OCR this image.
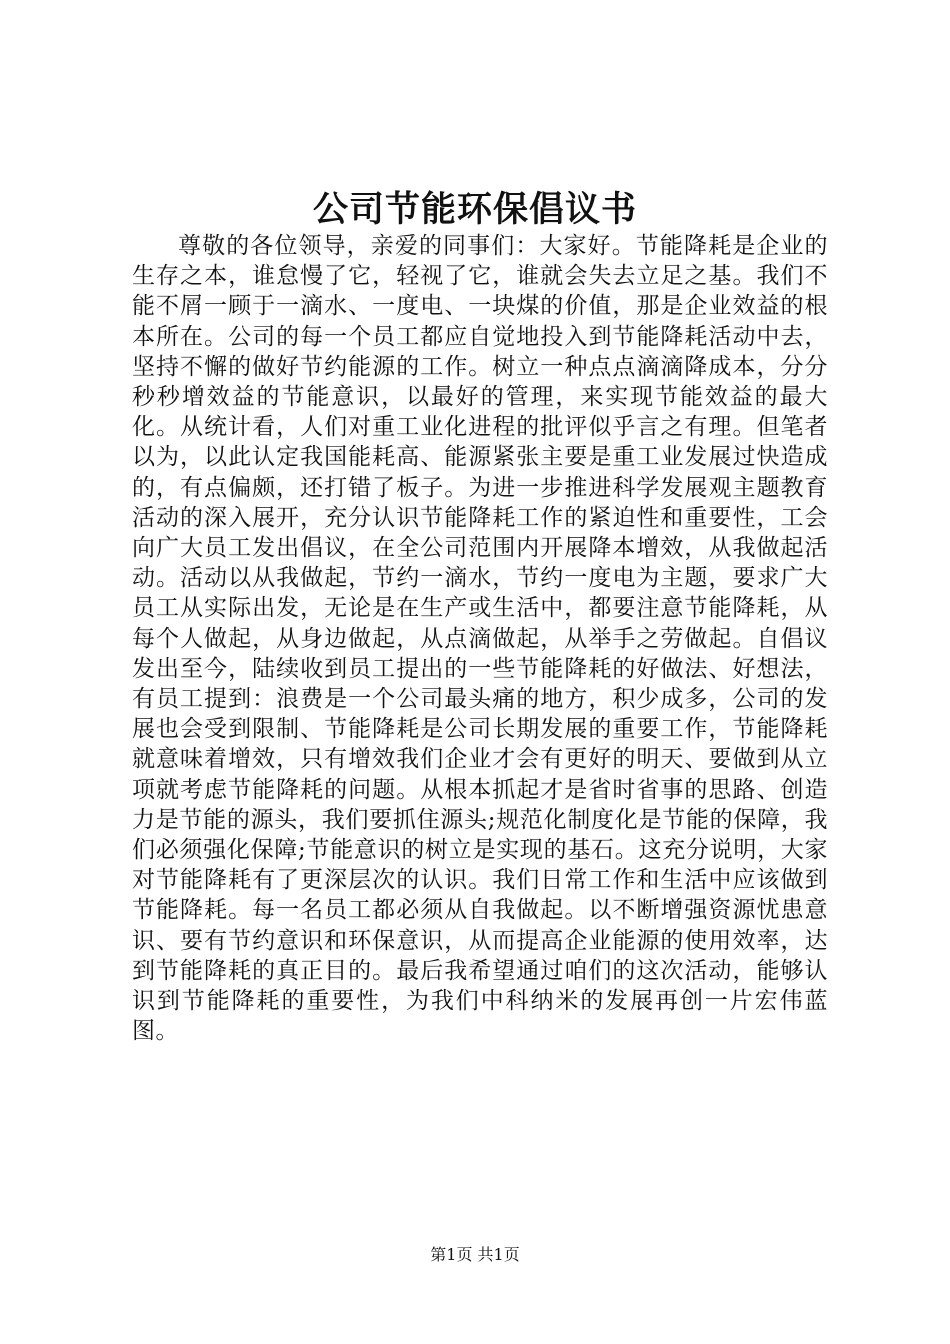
公司节能环保倡议书

尊敬的各位领导，亲爱的同事们：大家好。节能降耗是企业的生存之本，谁怠慢了它，轻视了它，谁就会失去立足之基。我们不能不屑一顾于一滴水、一度电、一块煤的价值，那是企业效益的根本所在。公司的每一个员工都应自觉地投入到节能降耗活动中去，坚持不懈的做好节约能源的工作。树立一种点点滴滴降成本，分分秒秒增效益的节能意识，以最好的管理，来实现节能效益的最大化。从统计看，人们对重工业化进程的批评似乎言之有理。但笔者以为，以此认定我国能耗高、能源紧张主要是重工业发展过快造成的，有点偏颇，还打错了板子。为进一步推进科学发展观主题教育活动的深入展开，充分认识节能降耗工作的紧迫性和重要性，工会向广大员工发出倡议，在全公司范围内开展降本增效，从我做起活动。活动以从我做起，节约一滴水，节约一度电为主题，要求广大员工从实际出发，无论是在生产或生活中，都要注意节能降耗，从每个人做起，从身边做起，从点滴做起，从举手之劳做起。自倡议发出至今，陆续收到员工提出的一些节能降耗的好做法、好想法，有员工提到：浪费是一个公司最头痛的地方，积少成多，公司的发展也会受到限制、节能降耗是公司长期发展的重要工作，节能降耗就意味着增效，只有增效我们企业才会有更好的明天、要做到从立项就考虑节能降耗的问题。从根本抓起才是省时省事的思路、创造力是节能的源头，我们要抓住源头;规范化制度化是节能的保障，我们必须强化保障;节能意识的树立是实现的基石。这充分说明，大家对节能降耗有了更深层次的认识。我们日常工作和生活中应该做到节能降耗。每一名员工都必须从自我做起。以不断增强资源忧患意识、要有节约意识和环保意识，从而提高企业能源的使用效率，达到节能降耗的真正目的。最后我希望通过咱们的这次活动，能够认识到节能降耗的重要性，为我们中科纳米的发展再创一片宏伟蓝图。

第1页 共1页
